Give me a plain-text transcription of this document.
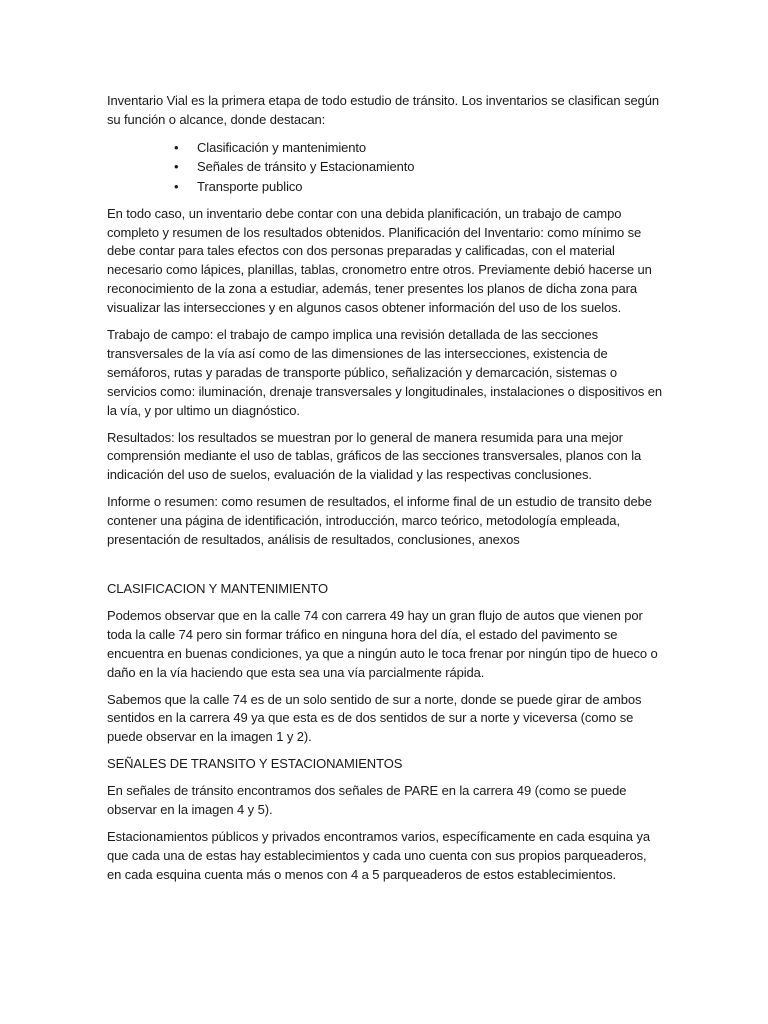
Inventario Vial es la primera etapa de todo estudio de tránsito. Los inventarios se clasifican según su función o alcance, donde destacan:

• Clasificación y mantenimiento
• Señales de tránsito y Estacionamiento
• Transporte publico

En todo caso, un inventario debe contar con una debida planificación, un trabajo de campo completo y resumen de los resultados obtenidos. Planificación del Inventario: como mínimo se debe contar para tales efectos con dos personas preparadas y calificadas, con el material necesario como lápices, planillas, tablas, cronometro entre otros. Previamente debió hacerse un reconocimiento de la zona a estudiar, además, tener presentes los planos de dicha zona para visualizar las intersecciones y en algunos casos obtener información del uso de los suelos.

Trabajo de campo: el trabajo de campo implica una revisión detallada de las secciones transversales de la vía así como de las dimensiones de las intersecciones, existencia de semáforos, rutas y paradas de transporte público, señalización y demarcación, sistemas o servicios como: iluminación, drenaje transversales y longitudinales, instalaciones o dispositivos en la vía, y por ultimo un diagnóstico.

Resultados: los resultados se muestran por lo general de manera resumida para una mejor comprensión mediante el uso de tablas, gráficos de las secciones transversales, planos con la indicación del uso de suelos, evaluación de la vialidad y las respectivas conclusiones.

Informe o resumen: como resumen de resultados, el informe final de un estudio de transito debe contener una página de identificación, introducción, marco teórico, metodología empleada, presentación de resultados, análisis de resultados, conclusiones, anexos

CLASIFICACION Y MANTENIMIENTO

Podemos observar que en la calle 74 con carrera 49 hay un gran flujo de autos que vienen por toda la calle 74 pero sin formar tráfico en ninguna hora del día, el estado del pavimento se encuentra en buenas condiciones, ya que a ningún auto le toca frenar por ningún tipo de hueco o daño en la vía haciendo que esta sea una vía parcialmente rápida.

Sabemos que la calle 74 es de un solo sentido de sur a norte, donde se puede girar de ambos sentidos en la carrera 49 ya que esta es de dos sentidos de sur a norte y viceversa (como se puede observar en la imagen 1 y 2).

SEÑALES DE TRANSITO Y ESTACIONAMIENTOS

En señales de tránsito encontramos dos señales de PARE en la carrera 49 (como se puede observar en la imagen 4 y 5).

Estacionamientos públicos y privados encontramos varios, específicamente en cada esquina ya que cada una de estas hay establecimientos y cada uno cuenta con sus propios parqueaderos, en cada esquina cuenta más o menos con 4 a 5 parqueaderos de estos establecimientos.
